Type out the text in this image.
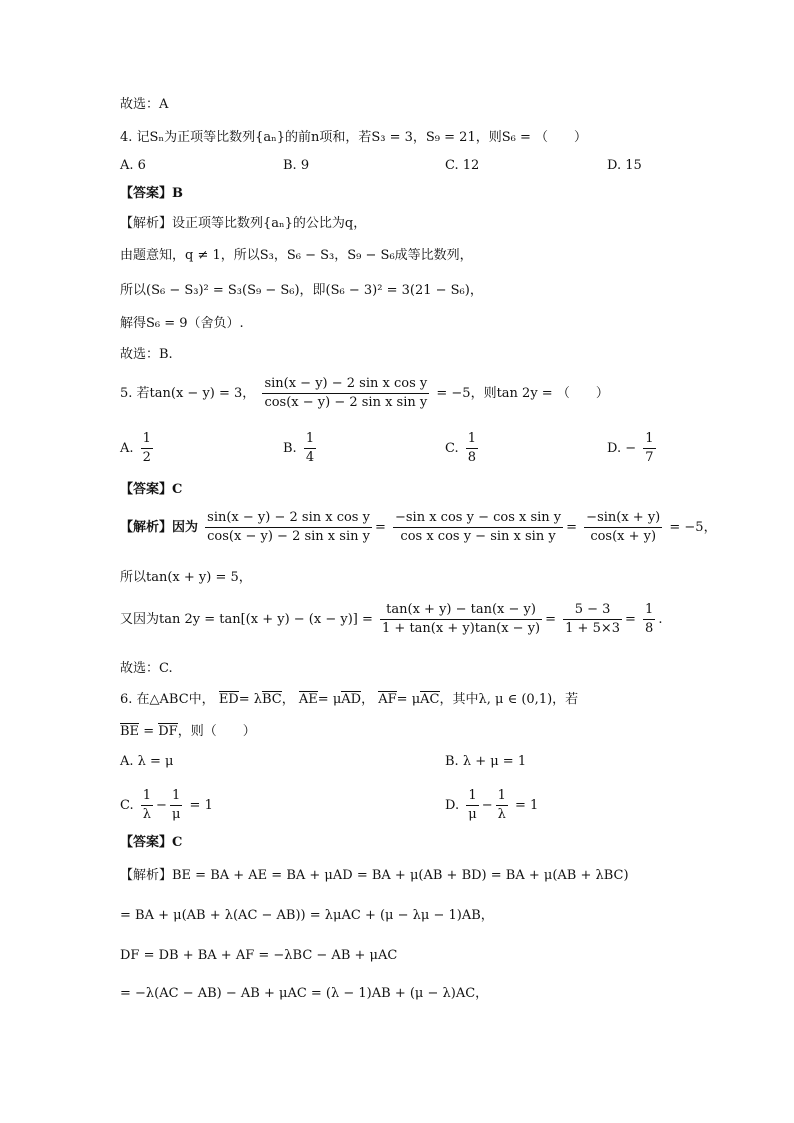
故选：A
4. 记Sₙ为正项等比数列{aₙ}的前n项和，若S₃ = 3，S₉ = 21，则S₆ = （　　）
A. 6	B. 9	C. 12	D. 15
【答案】B
【解析】设正项等比数列{aₙ}的公比为q，
由题意知，q ≠ 1，所以S₃，S₆ − S₃，S₉ − S₆成等比数列，
所以(S₆ − S₃)² = S₃(S₉ − S₆)，即(S₆ − 3)² = 3(21 − S₆)，
解得S₆ = 9（舍负）.
故选：B.
5. 若tan(x − y) = 3， $\frac{\text{sin(x − y) − 2 sin x cos y}}{\text{cos(x − y) − 2 sin x sin y}} = -5$，则tan 2y = （　　）
A. $\frac{1}{2}$	B. $\frac{1}{4}$	C. $\frac{1}{8}$	D. − $\frac{1}{7}$
【答案】C
【解析】因为 $\frac{\text{sin(x − y) − 2 sin x cos y}}{\text{cos(x − y) − 2 sin x sin y}} = \frac{\text{−sin x cos y − cos x sin y}}{\text{cos x cos y − sin x sin y}} = \frac{-\sin(x + y)}{\cos(x + y)} = -5$，
所以tan(x + y) = 5，
又因为$\tan 2y = \tan[(x + y) - (x - y)] = \frac{\tan(x + y) - \tan(x - y)}{1 + \tan(x + y)\tan(x - y)} = \frac{5 - 3}{1 + 5\times 3} = \frac{1}{8}$ .
故选：C.
6. 在△ABC中， ED= λBC， AE= μAD， AF= μAC，其中λ, μ ∈ (0,1)，若
BE = DF，则（　　）
A. λ = μ	B. λ + μ = 1
C. $\frac{1}{\lambda} - \frac{1}{\mu} = 1$	D. $\frac{1}{\mu} - \frac{1}{\lambda} = 1$
【答案】C
【解析】BE = BA + AE = BA + μAD = BA + μ(AB + BD) = BA + μ(AB + λBC)
= BA + μ(AB + λ(AC − AB)) = λμAC + (μ − λμ − 1)AB，
DF = DB + BA + AF = −λBC − AB + μAC
= −λ(AC − AB) − AB + μAC = (λ − 1)AB + (μ − λ)AC，
